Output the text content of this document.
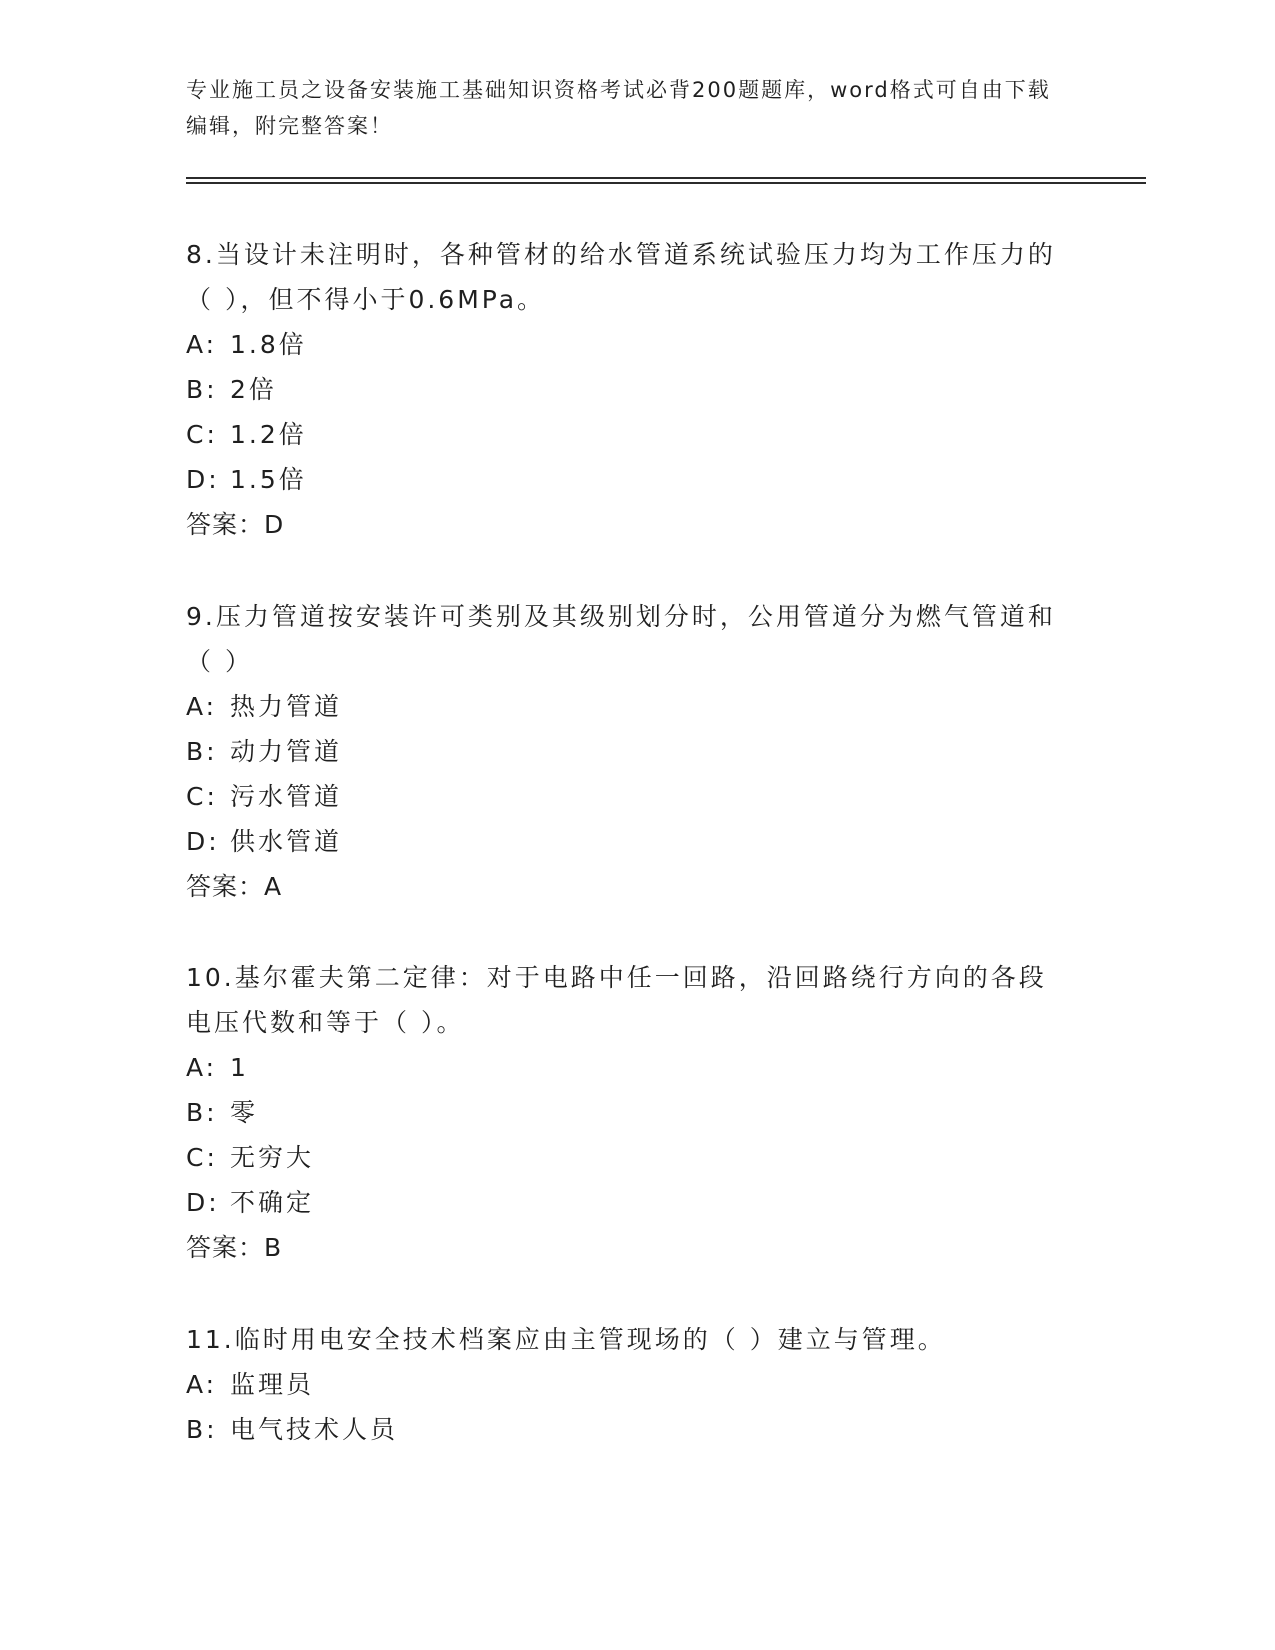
专业施工员之设备安装施工基础知识资格考试必背200题题库，word格式可自由下载编辑，附完整答案！

8.当设计未注明时，各种管材的给水管道系统试验压力均为工作压力的（ ），但不得小于0.6MPa。

A: 1.8倍

B: 2倍

C: 1.2倍

D: 1.5倍

答案：D

9.压力管道按安装许可类别及其级别划分时，公用管道分为燃气管道和（ ）

A: 热力管道

B: 动力管道

C: 污水管道

D: 供水管道

答案：A

10.基尔霍夫第二定律：对于电路中任一回路，沿回路绕行方向的各段电压代数和等于（ ）。

A: 1

B: 零

C: 无穷大

D: 不确定

答案：B

11.临时用电安全技术档案应由主管现场的（ ）建立与管理。

A: 监理员

B: 电气技术人员
